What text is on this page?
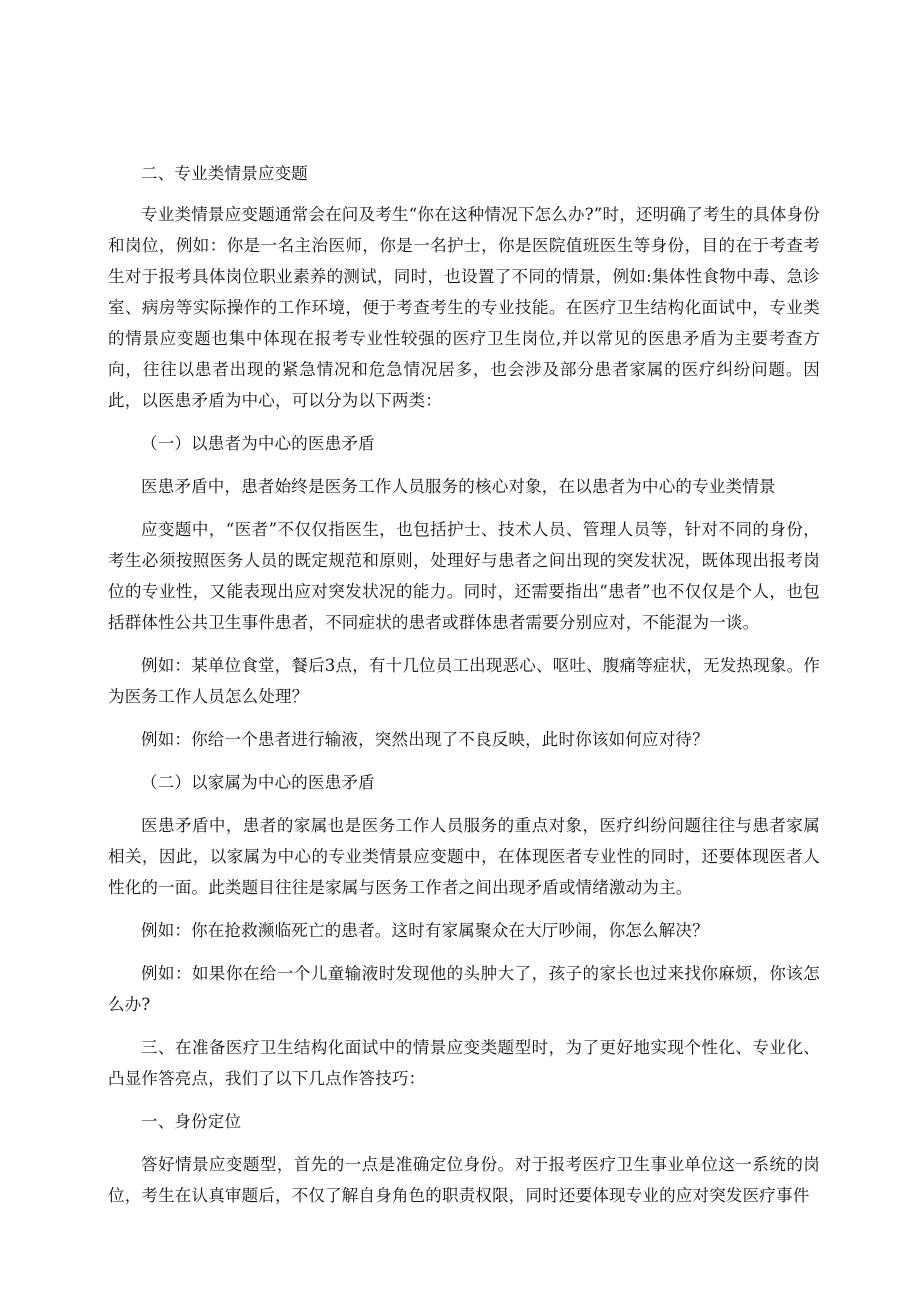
二、专业类情景应变题

专业类情景应变题通常会在问及考生“你在这种情况下怎么办?”时，还明确了考生的具体身份和岗位，例如：你是一名主治医师，你是一名护士，你是医院值班医生等身份，目的在于考查考生对于报考具体岗位职业素养的测试，同时，也设置了不同的情景，例如:集体性食物中毒、急诊室、病房等实际操作的工作环境，便于考查考生的专业技能。在医疗卫生结构化面试中，专业类的情景应变题也集中体现在报考专业性较强的医疗卫生岗位,并以常见的医患矛盾为主要考查方向，往往以患者出现的紧急情况和危急情况居多，也会涉及部分患者家属的医疗纠纷问题。因此，以医患矛盾为中心，可以分为以下两类：

（一）以患者为中心的医患矛盾

医患矛盾中，患者始终是医务工作人员服务的核心对象，在以患者为中心的专业类情景

应变题中，“医者”不仅仅指医生，也包括护士、技术人员、管理人员等，针对不同的身份，考生必须按照医务人员的既定规范和原则，处理好与患者之间出现的突发状况，既体现出报考岗位的专业性，又能表现出应对突发状况的能力。同时，还需要指出“患者”也不仅仅是个人，也包括群体性公共卫生事件患者，不同症状的患者或群体患者需要分别应对，不能混为一谈。

例如：某单位食堂，餐后3点，有十几位员工出现恶心、呕吐、腹痛等症状，无发热现象。作为医务工作人员怎么处理？

例如：你给一个患者进行输液，突然出现了不良反映，此时你该如何应对待？

（二）以家属为中心的医患矛盾

医患矛盾中，患者的家属也是医务工作人员服务的重点对象，医疗纠纷问题往往与患者家属相关，因此，以家属为中心的专业类情景应变题中，在体现医者专业性的同时，还要体现医者人性化的一面。此类题目往往是家属与医务工作者之间出现矛盾或情绪激动为主。

例如：你在抢救濒临死亡的患者。这时有家属聚众在大厅吵闹，你怎么解决？

例如：如果你在给一个儿童输液时发现他的头肿大了，孩子的家长也过来找你麻烦，你该怎么办?

三、在准备医疗卫生结构化面试中的情景应变类题型时，为了更好地实现个性化、专业化、凸显作答亮点，我们了以下几点作答技巧：

一、身份定位

答好情景应变题型，首先的一点是准确定位身份。对于报考医疗卫生事业单位这一系统的岗位，考生在认真审题后，不仅了解自身角色的职责权限，同时还要体现专业的应对突发医疗事件
